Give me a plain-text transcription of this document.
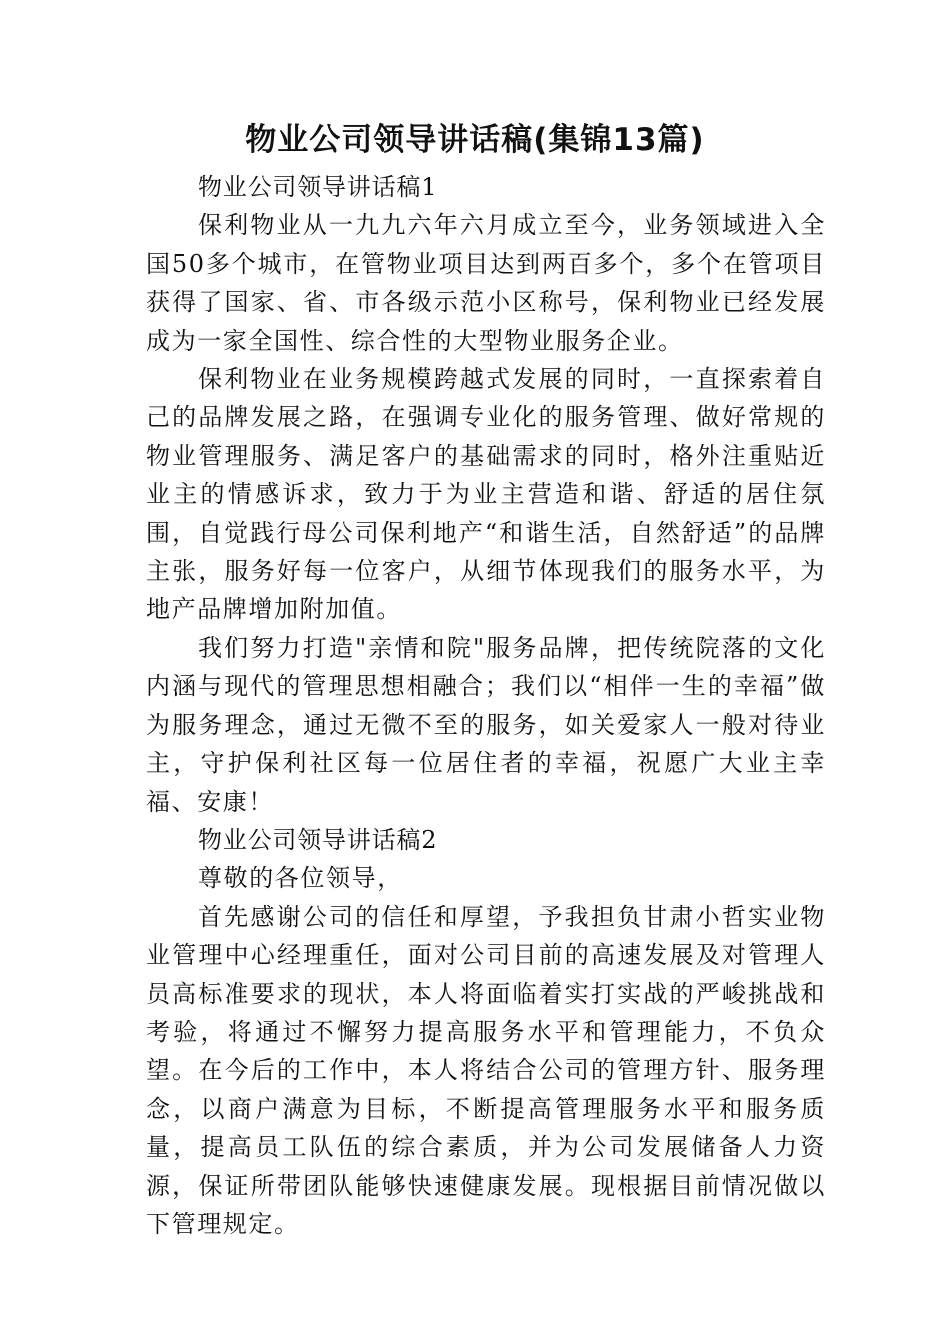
物业公司领导讲话稿(集锦13篇)

物业公司领导讲话稿1

保利物业从一九九六年六月成立至今，业务领域进入全国50多个城市，在管物业项目达到两百多个，多个在管项目获得了国家、省、市各级示范小区称号，保利物业已经发展成为一家全国性、综合性的大型物业服务企业。

保利物业在业务规模跨越式发展的同时，一直探索着自己的品牌发展之路，在强调专业化的服务管理、做好常规的物业管理服务、满足客户的基础需求的同时，格外注重贴近业主的情感诉求，致力于为业主营造和谐、舒适的居住氛围，自觉践行母公司保利地产“和谐生活，自然舒适”的品牌主张，服务好每一位客户，从细节体现我们的服务水平，为地产品牌增加附加值。

我们努力打造"亲情和院"服务品牌，把传统院落的文化内涵与现代的管理思想相融合；我们以“相伴一生的幸福”做为服务理念，通过无微不至的服务，如关爱家人一般对待业主，守护保利社区每一位居住者的幸福，祝愿广大业主幸福、安康！

物业公司领导讲话稿2

尊敬的各位领导，

首先感谢公司的信任和厚望，予我担负甘肃小哲实业物业管理中心经理重任，面对公司目前的高速发展及对管理人员高标准要求的现状，本人将面临着实打实战的严峻挑战和考验，将通过不懈努力提高服务水平和管理能力，不负众望。在今后的工作中，本人将结合公司的管理方针、服务理念，以商户满意为目标，不断提高管理服务水平和服务质量，提高员工队伍的综合素质，并为公司发展储备人力资源，保证所带团队能够快速健康发展。现根据目前情况做以下管理规定。
